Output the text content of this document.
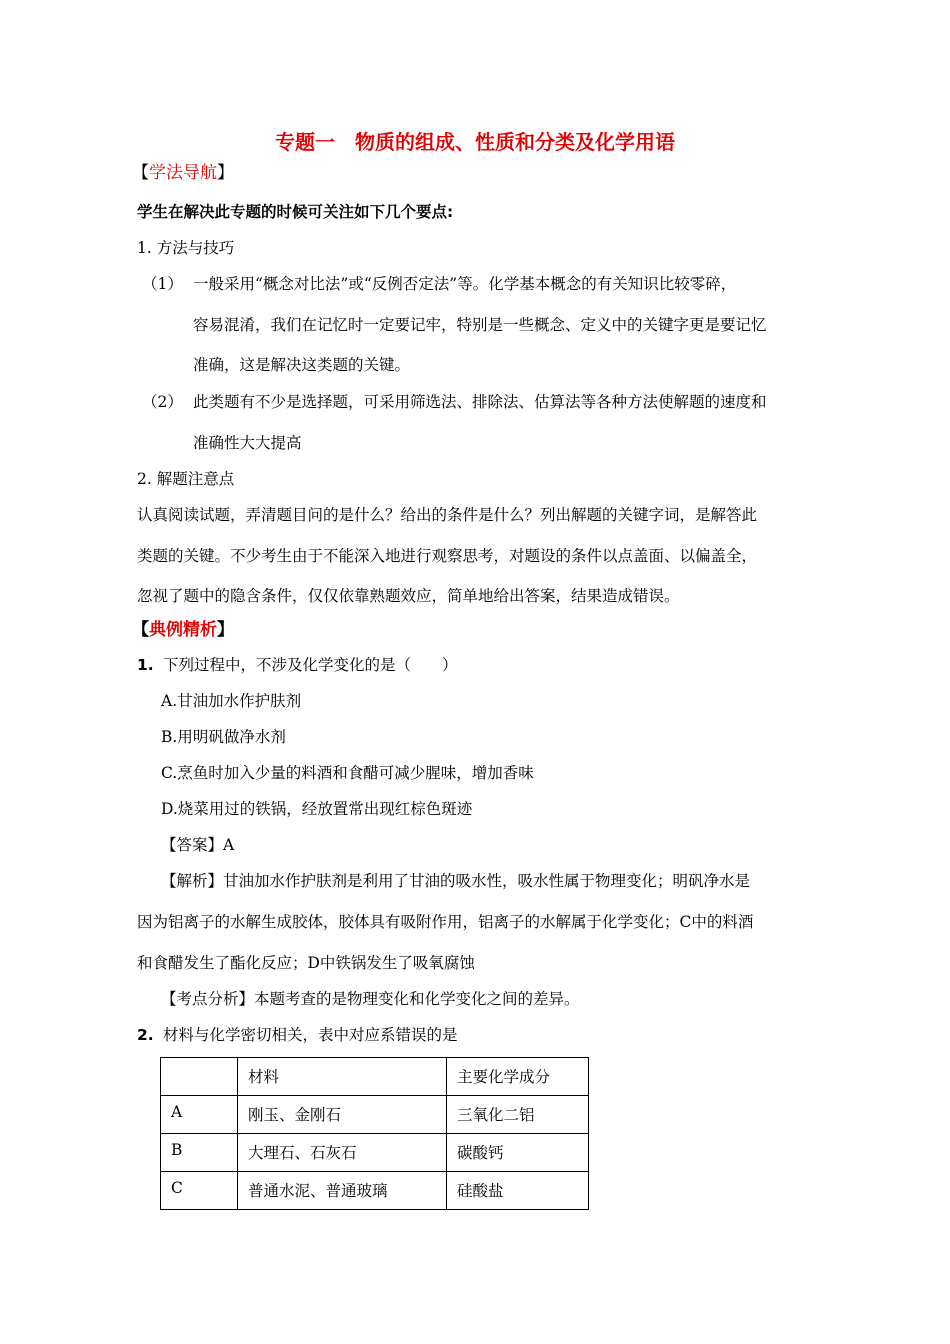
专题一　物质的组成、性质和分类及化学用语
【学法导航】
学生在解决此专题的时候可关注如下几个要点:
1. 方法与技巧
（1） 一般采用“概念对比法”或“反例否定法”等。化学基本概念的有关知识比较零碎，
容易混淆，我们在记忆时一定要记牢，特别是一些概念、定义中的关键字更是要记忆
准确，这是解决这类题的关键。
（2） 此类题有不少是选择题，可采用筛选法、排除法、估算法等各种方法使解题的速度和
准确性大大提高
2. 解题注意点
认真阅读试题，弄清题目问的是什么？给出的条件是什么？列出解题的关键字词，是解答此
类题的关键。不少考生由于不能深入地进行观察思考，对题设的条件以点盖面、以偏盖全，
忽视了题中的隐含条件，仅仅依靠熟题效应，简单地给出答案，结果造成错误。
【典例精析】
1. 下列过程中，不涉及化学变化的是（　　）
A.甘油加水作护肤剂
B.用明矾做净水剂
C.烹鱼时加入少量的料酒和食醋可减少腥味，增加香味
D.烧菜用过的铁锅，经放置常出现红棕色斑迹
【答案】A
【解析】甘油加水作护肤剂是利用了甘油的吸水性，吸水性属于物理变化；明矾净水是
因为铝离子的水解生成胶体，胶体具有吸附作用，铝离子的水解属于化学变化；C中的料酒
和食醋发生了酯化反应；D中铁锅发生了吸氧腐蚀
【考点分析】本题考查的是物理变化和化学变化之间的差异。
2. 材料与化学密切相关，表中对应系错误的是
	材料	主要化学成分
A	刚玉、金刚石	三氧化二铝
B	大理石、石灰石	碳酸钙
C	普通水泥、普通玻璃	硅酸盐
